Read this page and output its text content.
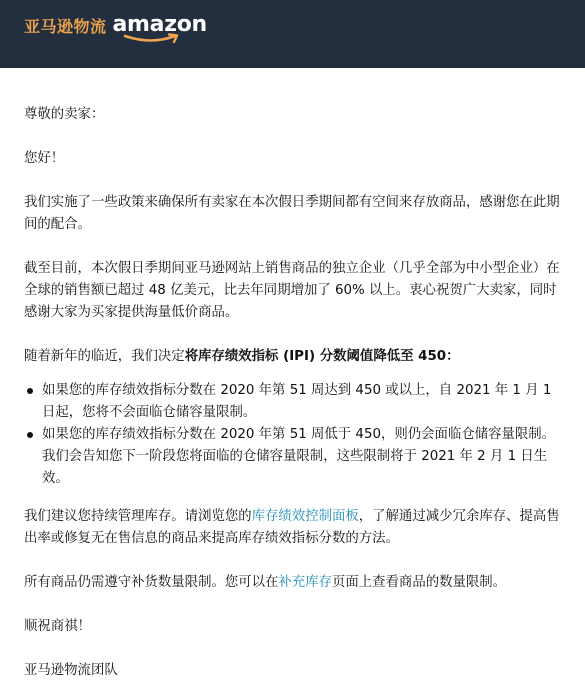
亚马逊物流 amazon

尊敬的卖家：

您好！

我们实施了一些政策来确保所有卖家在本次假日季期间都有空间来存放商品，感谢您在此期间的配合。

截至目前，本次假日季期间亚马逊网站上销售商品的独立企业（几乎全部为中小型企业）在全球的销售额已超过 48 亿美元，比去年同期增加了 60% 以上。衷心祝贺广大卖家，同时感谢大家为买家提供海量低价商品。

随着新年的临近，我们决定将库存绩效指标 (IPI) 分数阈值降低至 450：

如果您的库存绩效指标分数在 2020 年第 51 周达到 450 或以上，自 2021 年 1 月 1 日起，您将不会面临仓储容量限制。
如果您的库存绩效指标分数在 2020 年第 51 周低于 450，则仍会面临仓储容量限制。我们会告知您下一阶段您将面临的仓储容量限制，这些限制将于 2021 年 2 月 1 日生效。

我们建议您持续管理库存。请浏览您的库存绩效控制面板，了解通过减少冗余库存、提高售出率或修复无在售信息的商品来提高库存绩效指标分数的方法。

所有商品仍需遵守补货数量限制。您可以在补充库存页面上查看商品的数量限制。

顺祝商祺！

亚马逊物流团队
